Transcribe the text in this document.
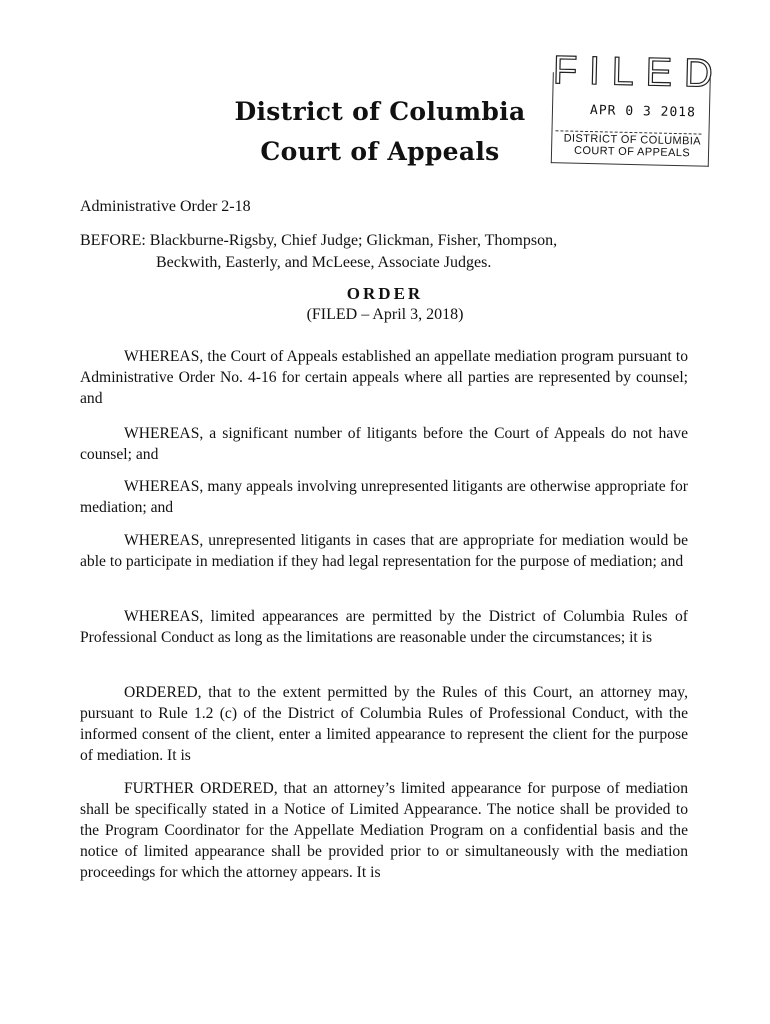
District of Columbia
Court of Appeals
F I L E D
APR 0 3 2018
DISTRICT OF COLUMBIA
COURT OF APPEALS
Administrative Order 2-18
BEFORE: Blackburne-Rigsby, Chief Judge; Glickman, Fisher, Thompson,
Beckwith, Easterly, and McLeese, Associate Judges.
ORDER
(FILED – April 3, 2018)

WHEREAS, the Court of Appeals established an appellate mediation program pursuant to Administrative Order No. 4-16 for certain appeals where all parties are represented by counsel; and

WHEREAS, a significant number of litigants before the Court of Appeals do not have counsel; and

WHEREAS, many appeals involving unrepresented litigants are otherwise appropriate for mediation; and

WHEREAS, unrepresented litigants in cases that are appropriate for mediation would be able to participate in mediation if they had legal representation for the purpose of mediation; and

WHEREAS, limited appearances are permitted by the District of Columbia Rules of Professional Conduct as long as the limitations are reasonable under the circumstances; it is

ORDERED, that to the extent permitted by the Rules of this Court, an attorney may, pursuant to Rule 1.2 (c) of the District of Columbia Rules of Professional Conduct, with the informed consent of the client, enter a limited appearance to represent the client for the purpose of mediation. It is

FURTHER ORDERED, that an attorney’s limited appearance for purpose of mediation shall be specifically stated in a Notice of Limited Appearance. The notice shall be provided to the Program Coordinator for the Appellate Mediation Program on a confidential basis and the notice of limited appearance shall be provided prior to or simultaneously with the mediation proceedings for which the attorney appears. It is
